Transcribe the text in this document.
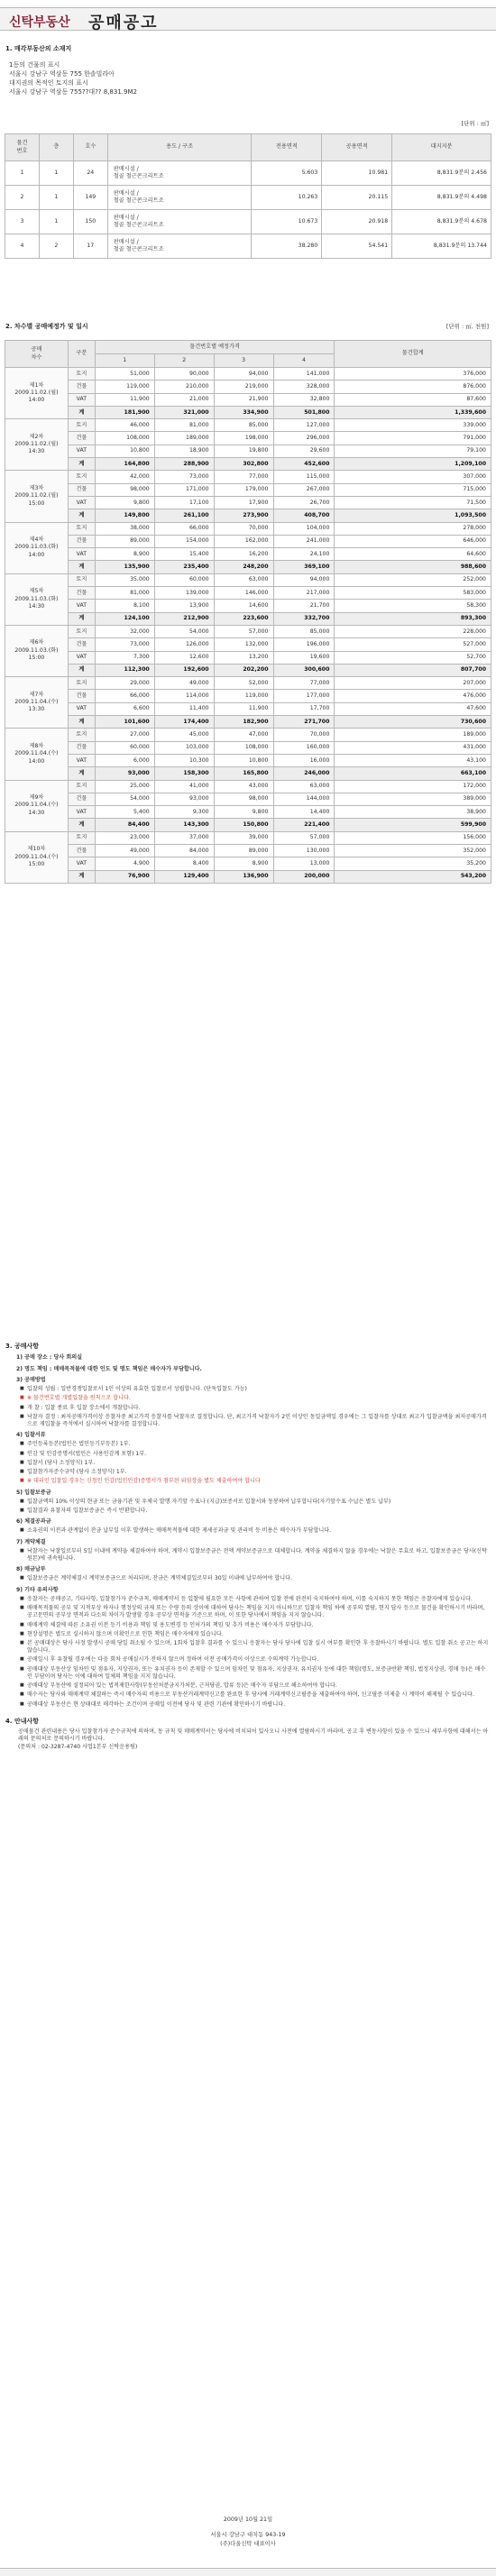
신탁부동산 공매공고
1. 매각부동산의 소재지
1동의 건물의 표시
서울시 강남구 역삼동 755 한솔빌라아
대지권의 목적인 토지의 표시
서울시 강남구 역삼동 755??대?? 8,831.9M2
[단위 : ㎡]
물건
번호	층	호수	용도 / 구조	전용면적	공용면적	대지지분
1	1	24	판매시설 /
철골 철근콘크리트조	5.603	10.981	8,831.9분의 2.456
2	1	149	판매시설 /
철골 철근콘크리트조	10.263	20.115	8,831.9분의 4.498
3	1	150	판매시설 /
철골 철근콘크리트조	10.673	20.918	8,831.9분의 4.678
4	2	17	판매시설 /
철골 철근콘크리트조	38.280	54.541	8,831.9분의 13.744
2. 차수별 공매예정가 및 일시	[단위 : ㎡, 천원]
공매
차수	구분	물건번호별 예정가격				물건합계
		1	2	3	4	
제1차
2009.11.02.(월)
14:00	토지	51,000	90,000	94,000	141,000	376,000
	건물	119,000	210,000	219,000	328,000	876,000
	VAT	11,900	21,000	21,900	32,800	87,600
	계	181,900	321,000	334,900	501,800	1,339,600
제2차
2009.11.02.(월)
14:30	토지	46,000	81,000	85,000	127,000	339,000
	건물	108,000	189,000	198,000	296,000	791,000
	VAT	10,800	18,900	19,800	29,600	79,100
	계	164,800	288,900	302,800	452,600	1,209,100
제3차
2009.11.02.(월)
15:00	토지	42,000	73,000	77,000	115,000	307,000
	건물	98,000	171,000	179,000	267,000	715,000
	VAT	9,800	17,100	17,900	26,700	71,500
	계	149,800	261,100	273,900	408,700	1,093,500
제4차
2009.11.03.(화)
14:00	토지	38,000	66,000	70,000	104,000	278,000
	건물	89,000	154,000	162,000	241,000	646,000
	VAT	8,900	15,400	16,200	24,100	64,600
	계	135,900	235,400	248,200	369,100	988,600
제5차
2009.11.03.(화)
14:30	토지	35,000	60,000	63,000	94,000	252,000
	건물	81,000	139,000	146,000	217,000	583,000
	VAT	8,100	13,900	14,600	21,700	58,300
	계	124,100	212,900	223,600	332,700	893,300
제6차
2009.11.03.(화)
15:00	토지	32,000	54,000	57,000	85,000	228,000
	건물	73,000	126,000	132,000	196,000	527,000
	VAT	7,300	12,600	13,200	19,600	52,700
	계	112,300	192,600	202,200	300,600	807,700
제7차
2009.11.04.(수)
13:30	토지	29,000	49,000	52,000	77,000	207,000
	건물	66,000	114,000	119,000	177,000	476,000
	VAT	6,600	11,400	11,900	17,700	47,600
	계	101,600	174,400	182,900	271,700	730,600
제8차
2009.11.04.(수)
14:00	토지	27,000	45,000	47,000	70,000	189,000
	건물	60,000	103,000	108,000	160,000	431,000
	VAT	6,000	10,300	10,800	16,000	43,100
	계	93,000	158,300	165,800	246,000	663,100
제9차
2009.11.04.(수)
14:30	토지	25,000	41,000	43,000	63,000	172,000
	건물	54,000	93,000	98,000	144,000	389,000
	VAT	5,400	9,300	9,800	14,400	38,900
	계	84,400	143,300	150,800	221,400	599,900
제10차
2009.11.04.(수)
15:00	토지	23,000	37,000	39,000	57,000	156,000
	건물	49,000	84,000	89,000	130,000	352,000
	VAT	4,900	8,400	8,900	13,000	35,200
	계	76,900	129,400	136,900	200,000	543,200
3. 공매사항
1) 공매 장소 : 당사 회의실
2) 명도 책임 : 매매목적물에 대한 인도 및 명도 책임은 매수자가 부담합니다.
3) 공매방법
■ 입찰의 성립 : 일반경쟁입찰로서 1인 이상의 유효한 입찰로서 성립합니다. (단독입찰도 가능)
■ ※ 물건번호별 개별입찰을 원칙으로 합니다.
■ 개 찰 : 입찰 종료 후 입찰 장소에서 개찰합니다.
■ 낙찰자 결정 : 최저공매가격이상 응찰자중 최고가격 응찰자를 낙찰자로 결정합니다. 단, 최고가격 낙찰자가 2인 이상인 동일금액일 경우에는 그 입찰자를 상대로 최고가 입찰금액을 최저공매가격으로 재입찰을 즉석에서 실시하여 낙찰자를 결정합니다.
4) 입찰서류
■ 주민등록등본(법인은 법인등기부등본) 1부.
■ 인감 및 인감증명서(법인은 사용인감계 포함) 1부.
■ 입찰서 (당사 소정양식) 1부.
■ 입찰참가자준수규약 (당사 소정양식) 1부.
■ ※ 대리인 입찰일 경우는 신청인 인감(법인인감)증명서가 첨부된 위임장을 별도 제출하여야 합니다
5) 입찰보증금
■ 입찰금액의 10% 이상의 현금 또는 금융기관 및 우체국 발행 자기앞 수표나 (지급)보증서로 입찰서와 동봉하여 납부합니다(자기앞수표 수납은 별도 납부)
■ 입찰결과 유찰자의 입찰보증금은 즉시 반환합니다.
6) 체결공과금
■ 소유권의 이전과 관계없이 잔금 납부일 이후 발생하는 매매목적물에 대한 제세공과금 및 관리비 등 비용은 매수자가 부담합니다.
7) 계약체결
■ 낙찰자는 낙찰일로부터 5일 이내에 계약을 체결하여야 하며, 계약시 입찰보증금은 전액 계약보증금으로 대체합니다. 계약을 체결하지 않을 경우에는 낙찰은 무효로 하고, 입찰보증금은 당사(신탁원본)에 귀속됩니다.
8) 매금납부
■ 입찰보증금은 계약체결시 계약보증금으로 처리되며, 잔금은 계약체결일로부터 30일 이내에 납부하여야 합니다.
9) 기타 유의사항
■ 응찰자는 공매공고, 기타사항, 입찰참가자 준수규칙, 매매계약서 등 입찰에 필요한 모든 사항에 관하여 입찰 전에 완전히 숙지하여야 하며, 이를 숙지하지 못한 책임은 응찰자에게 있습니다.
■ 매매목적물의 공부 및 지적부상 하자나 행정상의 규제 또는 수량 등의 상이에 대하여 당사는 책임을 지지 아니하므로 입찰자 책임 하에 공부의 열람, 현지 답사 등으로 물건을 확인하시기 바라며, 공고문면의 공부상 면적과 다소의 차이가 발생할 경우 공부상 면적을 기준으로 하며, 이 또한 당사에서 책임을 지지 않습니다.
■ 매매계약 체결에 따른 소유권 이전 등기 비용과 책임 및 용도변경 등 인허가의 책임 및 추가 비용은 매수자가 부담합니다.
■ 현장설명은 별도로 실시하지 않으며 미확인으로 인한 책임은 매수자에게 있습니다.
■ 본 공매대상은 당사 사정 발생시 공매 당일 취소될 수 있으며, 1회차 입찰후 결과를 수 있으니 응찰자는 당사 당사에 입찰 실시 여부를 확인한 후 응찰하시기 바랍니다. 별도 입찰 취소 공고는 하지 않습니다.
■ 공매일시 후 유찰될 경우에는 다음 회차 공매실시가 전하지 않으며 정하여 이전 공매가격이 이상으로 수의계약 가능합니다.
■ 공매대상 부동산상 임차인 및 점유자, 지상권자, 또는 유치권자 등이 존재할 수 있으며 임차인 및 점유자, 지상권자, 유치권자 등에 대한 책임(명도, 보증금반환 책임, 법정지상권, 경매 등)은 매수인 부담이며 당사는 이에 대하여 일체의 책임을 지지 않습니다.
■ 공매대상 부동산에 설정되어 있는 법적제한사항(부동산처분금지가처분, 근저당권, 압류 등)은 매수자 부담으로 해소하여야 합니다.
■ 매수자는 당사와 매매계약 체결하는 즉시 매수자의 비용으로 부동산거래계약신고를 완료한 후 당사에 거래계약신고필증을 제출하여야 하며, 신고필증 미제출 시 계약이 해제될 수 있습니다.
■ 공매대상 부동산은 현 상태대로 매각하는 조건이며 공매일 이전에 당사 및 관련 기관에 확인하시기 바랍니다.
4. 안내사항

공매물건 관련내용은 당사 입찰참가자 준수규칙에 의하며, 동 규칙 및 매매계약서는 당사에 비치되어 있사오니 사전에 열람하시기 바라며, 공고 후 변동사항이 있을 수 있으니 세부사항에 대해서는 아래의 문의처로 문의하시기 바랍니다.

(문의처 : 02-3287-4740 사업1본부 신탁운용팀)

2009년 10월 21일
서울시 강남구 대치동 943-19
(주)다올신탁 대표이사
